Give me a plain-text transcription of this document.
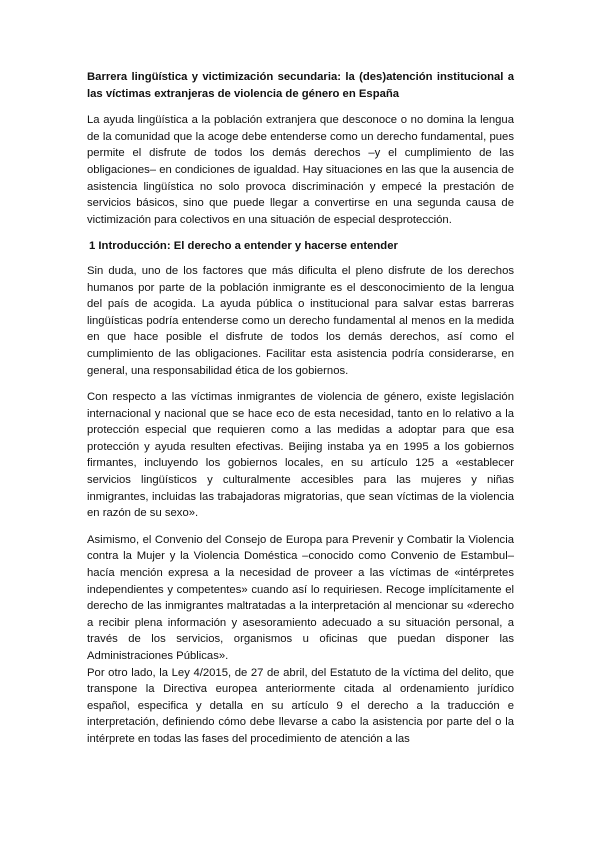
Barrera lingüística y victimización secundaria: la (des)atención institucional a las víctimas extranjeras de violencia de género en España

La ayuda lingüística a la población extranjera que desconoce o no domina la lengua de la comunidad que la acoge debe entenderse como un derecho fundamental, pues permite el disfrute de todos los demás derechos –y el cumplimiento de las obligaciones– en condiciones de igualdad. Hay situaciones en las que la ausencia de asistencia lingüística no solo provoca discriminación y empecé la prestación de servicios básicos, sino que puede llegar a convertirse en una segunda causa de victimización para colectivos en una situación de especial desprotección.

1 Introducción: El derecho a entender y hacerse entender

Sin duda, uno de los factores que más dificulta el pleno disfrute de los derechos humanos por parte de la población inmigrante es el desconocimiento de la lengua del país de acogida. La ayuda pública o institucional para salvar estas barreras lingüísticas podría entenderse como un derecho fundamental al menos en la medida en que hace posible el disfrute de todos los demás derechos, así como el cumplimiento de las obligaciones. Facilitar esta asistencia podría considerarse, en general, una responsabilidad ética de los gobiernos.

Con respecto a las víctimas inmigrantes de violencia de género, existe legislación internacional y nacional que se hace eco de esta necesidad, tanto en lo relativo a la protección especial que requieren como a las medidas a adoptar para que esa protección y ayuda resulten efectivas. Beijing instaba ya en 1995 a los gobiernos firmantes, incluyendo los gobiernos locales, en su artículo 125 a «establecer servicios lingüísticos y culturalmente accesibles para las mujeres y niñas inmigrantes, incluidas las trabajadoras migratorias, que sean víctimas de la violencia en razón de su sexo».

Asimismo, el Convenio del Consejo de Europa para Prevenir y Combatir la Violencia contra la Mujer y la Violencia Doméstica –conocido como Convenio de Estambul– hacía mención expresa a la necesidad de proveer a las víctimas de «intérpretes independientes y competentes» cuando así lo requiriesen. Recoge implícitamente el derecho de las inmigrantes maltratadas a la interpretación al mencionar su «derecho a recibir plena información y asesoramiento adecuado a su situación personal, a través de los servicios, organismos u oficinas que puedan disponer las Administraciones Públicas».

Por otro lado, la Ley 4/2015, de 27 de abril, del Estatuto de la víctima del delito, que transpone la Directiva europea anteriormente citada al ordenamiento jurídico español, especifica y detalla en su artículo 9 el derecho a la traducción e interpretación, definiendo cómo debe llevarse a cabo la asistencia por parte del o la intérprete en todas las fases del procedimiento de atención a las
